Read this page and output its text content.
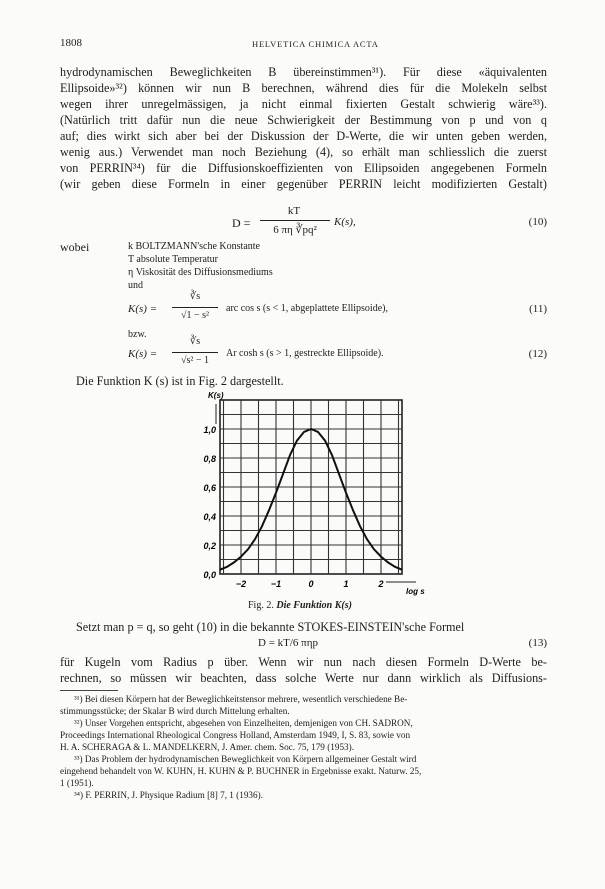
1808	HELVETICA CHIMICA ACTA
hydrodynamischen Beweglichkeiten B übereinstimmen³¹). Für diese «äquivalenten
Ellipsoide»³²) können wir nun B berechnen, während dies für die Molekeln selbst
wegen ihrer unregelmässigen, ja nicht einmal fixierten Gestalt schwierig wäre³³).
(Natürlich tritt dafür nun die neue Schwierigkeit der Bestimmung von p und von q
auf; dies wirkt sich aber bei der Diskussion der D-Werte, die wir unten geben werden,
wenig aus.) Verwendet man noch Beziehung (4), so erhält man schliesslich die zuerst
von PERRIN³⁴) für die Diffusionskoeffizienten von Ellipsoiden angegebenen Formeln
(wir geben diese Formeln in einer gegenüber PERRIN leicht modifizierten Gestalt)
D =
kT
6 πη ∛pq²
K(s),	(10)
wobei	k BOLTZMANN'sche Konstante
T absolute Temperatur
η Viskosität des Diffusionsmediums
und
K(s) =
∛s
√1 − s²
arc cos s (s < 1, abgeplattete Ellipsoide),	(11)
bzw.
K(s) =
∛s
√s² − 1
Ar cosh s (s > 1, gestreckte Ellipsoide).	(12)
Die Funktion K (s) ist in Fig. 2 dargestellt.
0,0
0,2
0,4
0,6
0,8
1,0
−2	−1	0	1	2
K(s)
log s
Fig. 2. Die Funktion K(s)
Setzt man p = q, so geht (10) in die bekannte STOKES-EINSTEIN'sche Formel
D = kT/6 πηp	(13)
für Kugeln vom Radius p über. Wenn wir nun nach diesen Formeln D-Werte be-
rechnen, so müssen wir beachten, dass solche Werte nur dann wirklich als Diffusions-
³¹) Bei diesen Körpern hat der Beweglichkeitstensor mehrere, wesentlich verschiedene Be-
stimmungsstücke; der Skalar B wird durch Mittelung erhalten.
³²) Unser Vorgehen entspricht, abgesehen von Einzelheiten, demjenigen von CH. SADRON,
Proceedings International Rheological Congress Holland, Amsterdam 1949, I, S. 83, sowie von
H. A. SCHERAGA & L. MANDELKERN, J. Amer. chem. Soc. 75, 179 (1953).
³³) Das Problem der hydrodynamischen Beweglichkeit von Körpern allgemeiner Gestalt wird
eingehend behandelt von W. KUHN, H. KUHN & P. BUCHNER in Ergebnisse exakt. Naturw. 25,
1 (1951).
³⁴) F. PERRIN, J. Physique Radium [8] 7, 1 (1936).
